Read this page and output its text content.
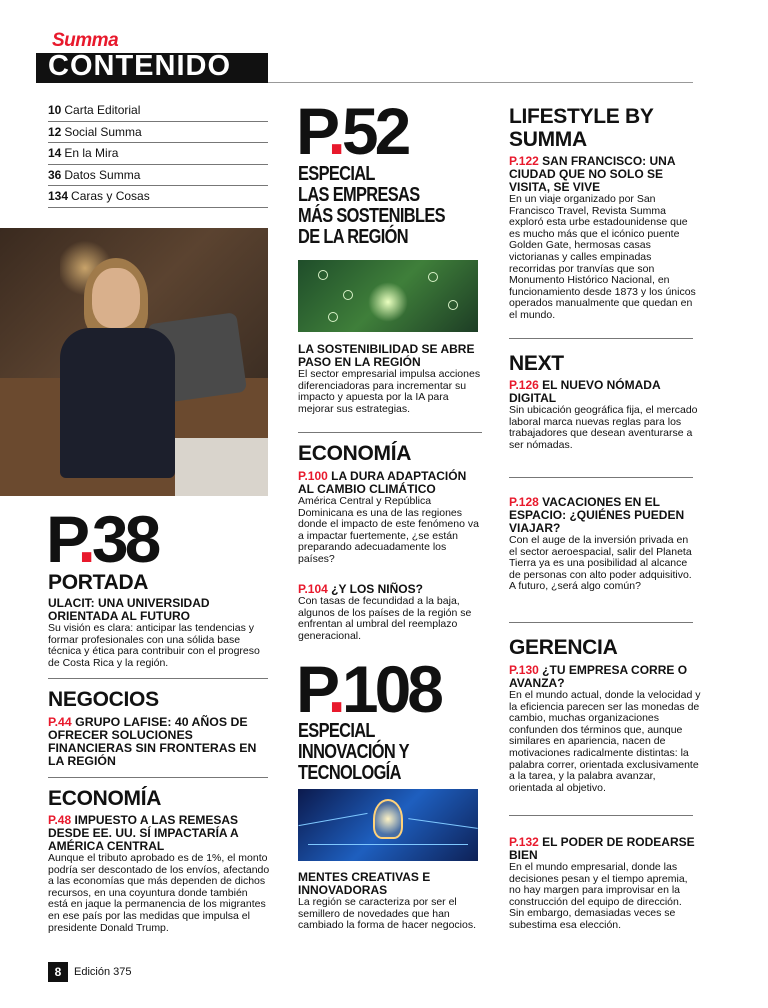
Summa
CONTENIDO
10 Carta Editorial
12 Social Summa
14 En la Mira
36 Datos Summa
134 Caras y Cosas
P.38
PORTADA
ULACIT: UNA UNIVERSIDAD ORIENTADA AL FUTURO
Su visión es clara: anticipar las tendencias y formar profesionales con una sólida base técnica y ética para contribuir con el progreso de Costa Rica y la región.
NEGOCIOS
P.44 GRUPO LAFISE: 40 AÑOS DE OFRECER SOLUCIONES FINANCIERAS SIN FRONTERAS EN LA REGIÓN
ECONOMÍA
P.48 IMPUESTO A LAS REMESAS DESDE EE. UU. SÍ IMPACTARÍA A AMÉRICA CENTRAL
Aunque el tributo aprobado es de 1%, el monto podría ser descontado de los envíos, afectando a las economías que más dependen de dichos recursos, en una coyuntura donde también está en jaque la permanencia de los migrantes en ese país por las medidas que impulsa el presidente Donald Trump.
P.52
ESPECIAL
LAS EMPRESAS
MÁS SOSTENIBLES
DE LA REGIÓN
LA SOSTENIBILIDAD SE ABRE PASO EN LA REGIÓN
El sector empresarial impulsa acciones diferenciadoras para incrementar su impacto y apuesta por la IA para mejorar sus estrategias.
ECONOMÍA
P.100 LA DURA ADAPTACIÓN AL CAMBIO CLIMÁTICO
América Central y República Dominicana es una de las regiones donde el impacto de este fenómeno va a impactar fuertemente, ¿se están preparando adecuadamente los países?
P.104 ¿Y LOS NIÑOS?
Con tasas de fecundidad a la baja, algunos de los países de la región se enfrentan al umbral del reemplazo generacional.
P.108
ESPECIAL
INNOVACIÓN Y
TECNOLOGÍA
MENTES CREATIVAS E INNOVADORAS
La región se caracteriza por ser el semillero de novedades que han cambiado la forma de hacer negocios.
LIFESTYLE BY
SUMMA
P.122 SAN FRANCISCO: UNA CIUDAD QUE NO SOLO SE VISITA, SE VIVE
En un viaje organizado por San Francisco Travel, Revista Summa exploró esta urbe estadounidense que es mucho más que el icónico puente Golden Gate, hermosas casas victorianas y calles empinadas recorridas por tranvías que son Monumento Histórico Nacional, en funcionamiento desde 1873 y los únicos operados manualmente que quedan en el mundo.
NEXT
P.126 EL NUEVO NÓMADA DIGITAL
Sin ubicación geográfica fija, el mercado laboral marca nuevas reglas para los trabajadores que desean aventurarse a ser nómadas.
P.128 VACACIONES EN EL ESPACIO: ¿QUIÉNES PUEDEN VIAJAR?
Con el auge de la inversión privada en el sector aeroespacial, salir del Planeta Tierra ya es una posibilidad al alcance de personas con alto poder adquisitivo. A futuro, ¿será algo común?
GERENCIA
P.130 ¿TU EMPRESA CORRE O AVANZA?
En el mundo actual, donde la velocidad y la eficiencia parecen ser las monedas de cambio, muchas organizaciones confunden dos términos que, aunque similares en apariencia, nacen de motivaciones radicalmente distintas: la palabra correr, orientada exclusivamente a la tarea, y la palabra avanzar, orientada al objetivo.
P.132 EL PODER DE RODEARSE BIEN
En el mundo empresarial, donde las decisiones pesan y el tiempo apremia, no hay margen para improvisar en la construcción del equipo de dirección. Sin embargo, demasiadas veces se subestima esa elección.
8	Edición 375
